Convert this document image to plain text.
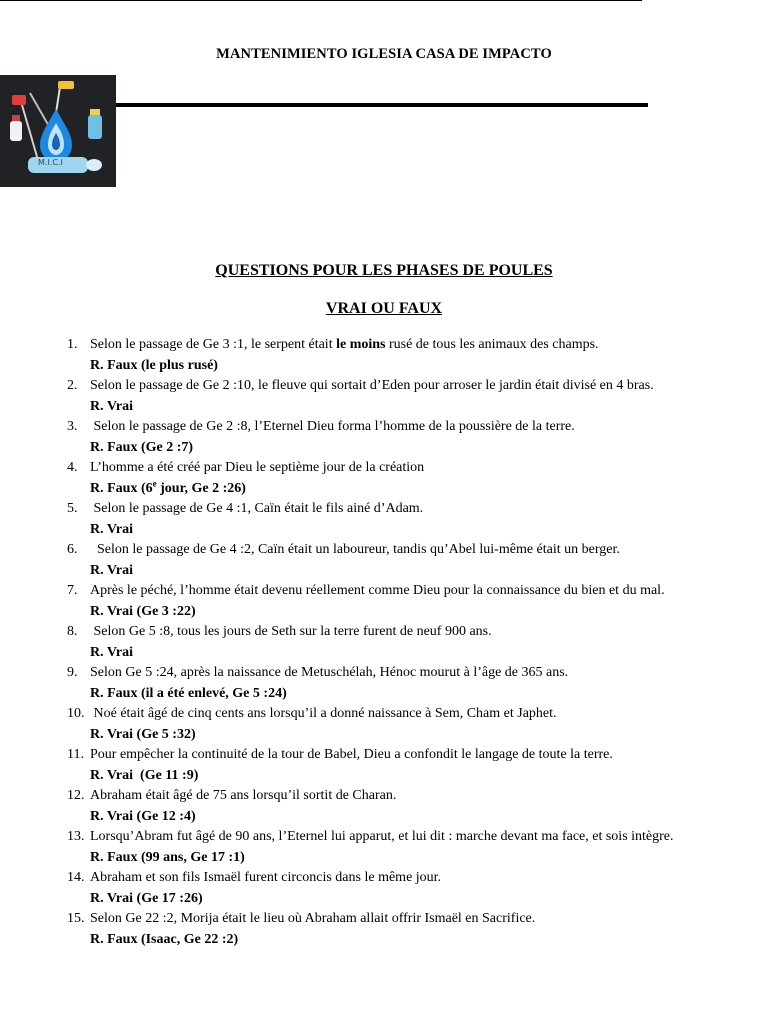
MANTENIMIENTO IGLESIA CASA DE IMPACTO
M.I.C.I
QUESTIONS POUR LES PHASES DE POULES
VRAI OU FAUX
1. Selon le passage de Ge 3 :1, le serpent était le moins rusé de tous les animaux des champs.
R. Faux (le plus rusé)
2. Selon le passage de Ge 2 :10, le fleuve qui sortait d’Eden pour arroser le jardin était divisé en 4 bras.
R. Vrai
3. Selon le passage de Ge 2 :8, l’Eternel Dieu forma l’homme de la poussière de la terre.
R. Faux (Ge 2 :7)
4. L’homme a été créé par Dieu le septième jour de la création
R. Faux (6e jour, Ge 2 :26)
5. Selon le passage de Ge 4 :1, Caïn était le fils ainé d’Adam.
R. Vrai
6. Selon le passage de Ge 4 :2, Caïn était un laboureur, tandis qu’Abel lui-même était un berger.
R. Vrai
7. Après le péché, l’homme était devenu réellement comme Dieu pour la connaissance du bien et du mal.
R. Vrai (Ge 3 :22)
8. Selon Ge 5 :8, tous les jours de Seth sur la terre furent de neuf 900 ans.
R. Vrai
9. Selon Ge 5 :24, après la naissance de Metuschélah, Hénoc mourut à l’âge de 365 ans.
R. Faux (il a été enlevé, Ge 5 :24)
10. Noé était âgé de cinq cents ans lorsqu’il a donné naissance à Sem, Cham et Japhet.
R. Vrai (Ge 5 :32)
11. Pour empêcher la continuité de la tour de Babel, Dieu a confondit le langage de toute la terre.
R. Vrai  (Ge 11 :9)
12. Abraham était âgé de 75 ans lorsqu’il sortit de Charan.
R. Vrai (Ge 12 :4)
13. Lorsqu’Abram fut âgé de 90 ans, l’Eternel lui apparut, et lui dit : marche devant ma face, et sois intègre.
R. Faux (99 ans, Ge 17 :1)
14. Abraham et son fils Ismaël furent circoncis dans le même jour.
R. Vrai (Ge 17 :26)
15. Selon Ge 22 :2, Morija était le lieu où Abraham allait offrir Ismaël en Sacrifice.
R. Faux (Isaac, Ge 22 :2)
